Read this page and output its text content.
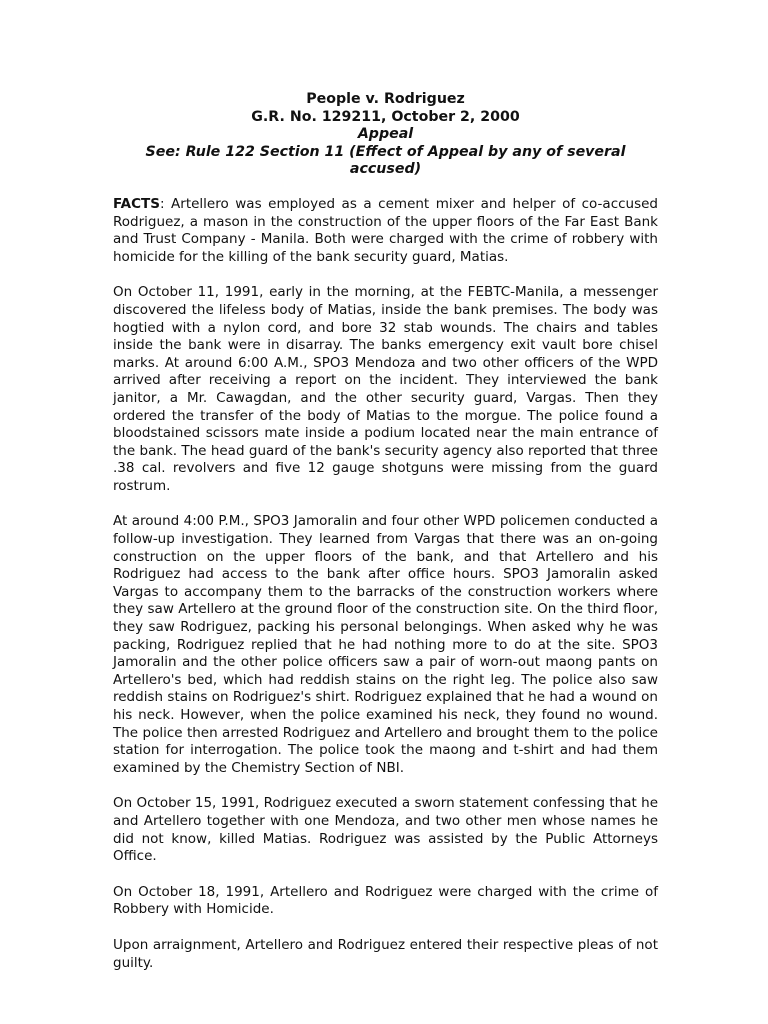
People v. Rodriguez
G.R. No. 129211, October 2, 2000
Appeal
See: Rule 122 Section 11 (Effect of Appeal by any of several
accused)

FACTS: Artellero was employed as a cement mixer and helper of co-accused Rodriguez, a mason in the construction of the upper floors of the Far East Bank and Trust Company - Manila. Both were charged with the crime of robbery with homicide for the killing of the bank security guard, Matias.

On October 11, 1991, early in the morning, at the FEBTC-Manila, a messenger discovered the lifeless body of Matias, inside the bank premises. The body was hogtied with a nylon cord, and bore 32 stab wounds. The chairs and tables inside the bank were in disarray. The banks emergency exit vault bore chisel marks. At around 6:00 A.M., SPO3 Mendoza and two other officers of the WPD arrived after receiving a report on the incident. They interviewed the bank janitor, a Mr. Cawagdan, and the other security guard, Vargas. Then they ordered the transfer of the body of Matias to the morgue. The police found a bloodstained scissors mate inside a podium located near the main entrance of the bank. The head guard of the bank's security agency also reported that three .38 cal. revolvers and five 12 gauge shotguns were missing from the guard rostrum.

At around 4:00 P.M., SPO3 Jamoralin and four other WPD policemen conducted a follow-up investigation. They learned from Vargas that there was an on-going construction on the upper floors of the bank, and that Artellero and his Rodriguez had access to the bank after office hours. SPO3 Jamoralin asked Vargas to accompany them to the barracks of the construction workers where they saw Artellero at the ground floor of the construction site. On the third floor, they saw Rodriguez, packing his personal belongings. When asked why he was packing, Rodriguez replied that he had nothing more to do at the site. SPO3 Jamoralin and the other police officers saw a pair of worn-out maong pants on Artellero's bed, which had reddish stains on the right leg. The police also saw reddish stains on Rodriguez's shirt. Rodriguez explained that he had a wound on his neck. However, when the police examined his neck, they found no wound. The police then arrested Rodriguez and Artellero and brought them to the police station for interrogation. The police took the maong and t-shirt and had them examined by the Chemistry Section of NBI.

On October 15, 1991, Rodriguez executed a sworn statement confessing that he and Artellero together with one Mendoza, and two other men whose names he did not know, killed Matias. Rodriguez was assisted by the Public Attorneys Office.

On October 18, 1991, Artellero and Rodriguez were charged with the crime of Robbery with Homicide.

Upon arraignment, Artellero and Rodriguez entered their respective pleas of not guilty.
